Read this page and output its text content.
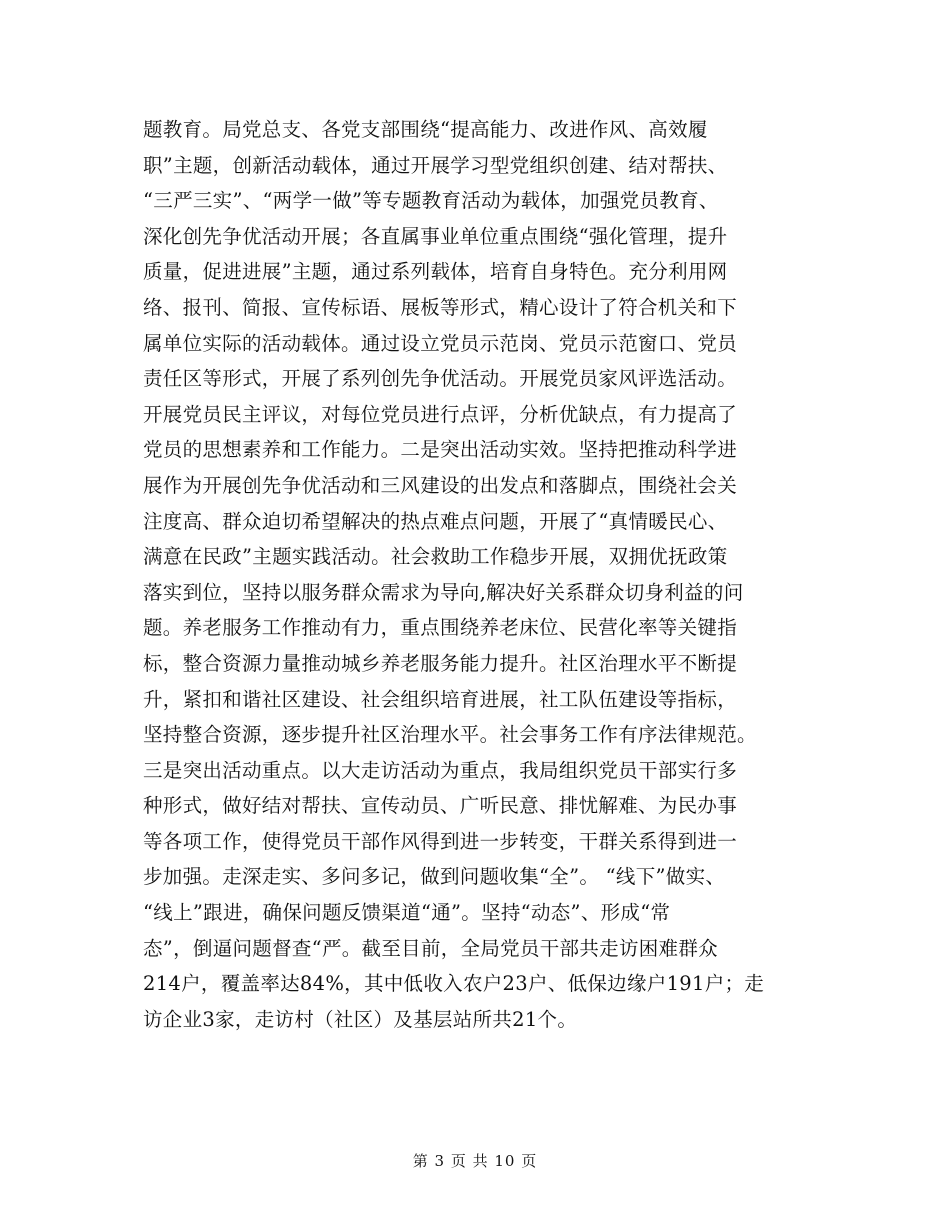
题教育。局党总支、各党支部围绕“提高能力、改进作风、高效履
职”主题，创新活动载体，通过开展学习型党组织创建、结对帮扶、
“三严三实”、“两学一做”等专题教育活动为载体，加强党员教育、
深化创先争优活动开展；各直属事业单位重点围绕“强化管理，提升
质量，促进进展”主题，通过系列载体，培育自身特色。充分利用网
络、报刊、简报、宣传标语、展板等形式，精心设计了符合机关和下
属单位实际的活动载体。通过设立党员示范岗、党员示范窗口、党员
责任区等形式，开展了系列创先争优活动。开展党员家风评选活动。
开展党员民主评议，对每位党员进行点评，分析优缺点，有力提高了
党员的思想素养和工作能力。二是突出活动实效。坚持把推动科学进
展作为开展创先争优活动和三风建设的出发点和落脚点，围绕社会关
注度高、群众迫切希望解决的热点难点问题，开展了“真情暖民心、
满意在民政”主题实践活动。社会救助工作稳步开展，双拥优抚政策
落实到位，坚持以服务群众需求为导向,解决好关系群众切身利益的问
题。养老服务工作推动有力，重点围绕养老床位、民营化率等关键指
标，整合资源力量推动城乡养老服务能力提升。社区治理水平不断提
升，紧扣和谐社区建设、社会组织培育进展，社工队伍建设等指标，
坚持整合资源，逐步提升社区治理水平。社会事务工作有序法律规范。
三是突出活动重点。以大走访活动为重点，我局组织党员干部实行多
种形式，做好结对帮扶、宣传动员、广听民意、排忧解难、为民办事
等各项工作，使得党员干部作风得到进一步转变，干群关系得到进一
步加强。走深走实、多问多记，做到问题收集“全”。 “线下”做实、
“线上”跟进，确保问题反馈渠道“通”。坚持“动态”、形成“常
态”，倒逼问题督查“严。截至目前，全局党员干部共走访困难群众
214户，覆盖率达84%，其中低收入农户23户、低保边缘户191户；走
访企业3家，走访村（社区）及基层站所共21个。
第 3 页 共 10 页
